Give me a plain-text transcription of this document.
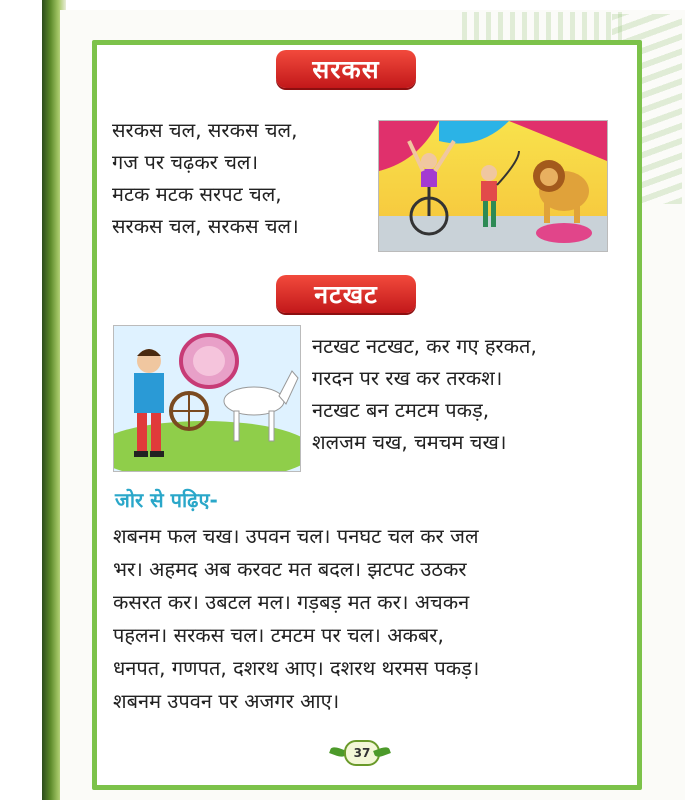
सरकस
सरकस चल, सरकस चल,
गज पर चढ़कर चल।
मटक मटक सरपट चल,
सरकस चल, सरकस चल।
नटखट
नटखट नटखट, कर गए हरकत,
गरदन पर रख कर तरकश।
नटखट बन टमटम पकड़,
शलजम चख, चमचम चख।
जोर से पढ़िए-
शबनम फल चख। उपवन चल। पनघट चल कर जल
भर। अहमद अब करवट मत बदल। झटपट उठकर
कसरत कर। उबटल मल। गड़बड़ मत कर। अचकन
पहलन। सरकस चल। टमटम पर चल। अकबर,
धनपत, गणपत, दशरथ आए। दशरथ थरमस पकड़।
शबनम उपवन पर अजगर आए।
37
